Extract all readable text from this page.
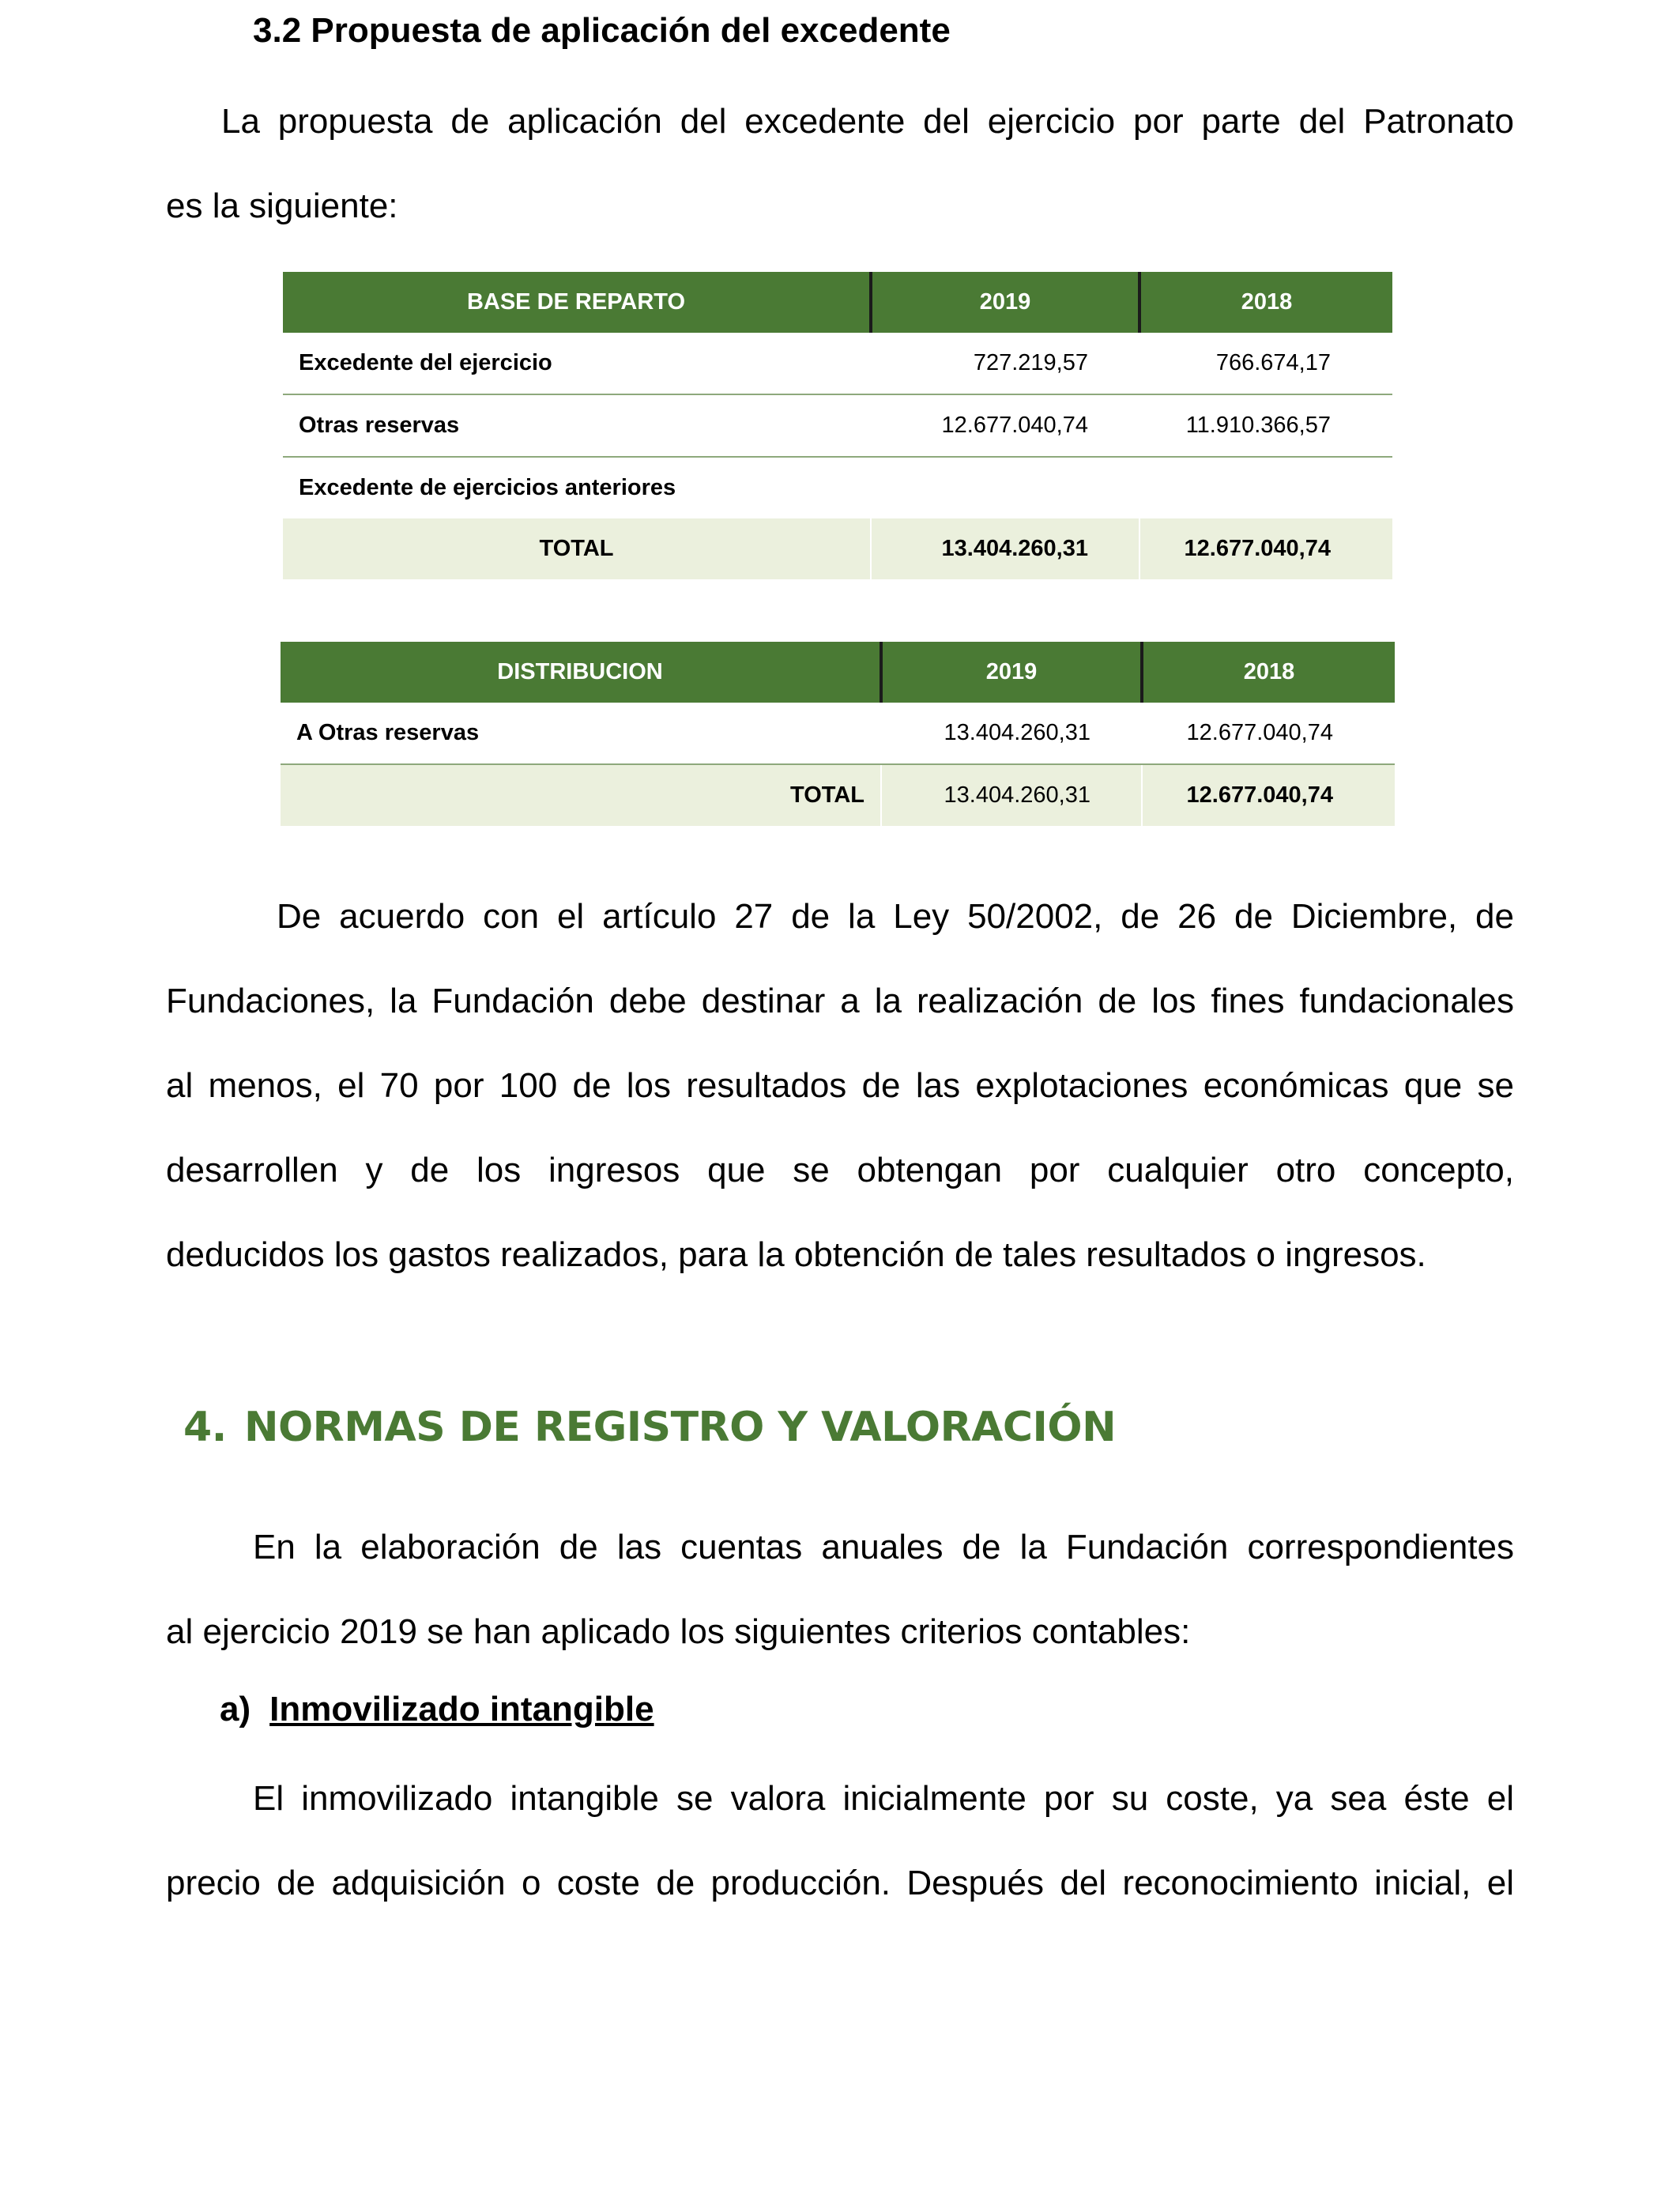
3.2 Propuesta de aplicación del excedente
La propuesta de aplicación del excedente del ejercicio por parte del Patronato
es la siguiente:
BASE DE REPARTO	2019	2018
Excedente del ejercicio	727.219,57	766.674,17
Otras reservas	12.677.040,74	11.910.366,57
Excedente de ejercicios anteriores		
TOTAL	13.404.260,31	12.677.040,74
DISTRIBUCION	2019	2018
A Otras reservas	13.404.260,31	12.677.040,74
TOTAL	13.404.260,31	12.677.040,74
De acuerdo con el artículo 27 de la Ley 50/2002, de 26 de Diciembre, de
Fundaciones, la Fundación debe destinar a la realización de los fines fundacionales
al menos, el 70 por 100 de los resultados de las explotaciones económicas que se
desarrollen y de los ingresos que se obtengan por cualquier otro concepto,
deducidos los gastos realizados, para la obtención de tales resultados o ingresos.
4. NORMAS DE REGISTRO Y VALORACIÓN
En la elaboración de las cuentas anuales de la Fundación correspondientes
al ejercicio 2019 se han aplicado los siguientes criterios contables:
a) Inmovilizado intangible
El inmovilizado intangible se valora inicialmente por su coste, ya sea éste el
precio de adquisición o coste de producción. Después del reconocimiento inicial, el
